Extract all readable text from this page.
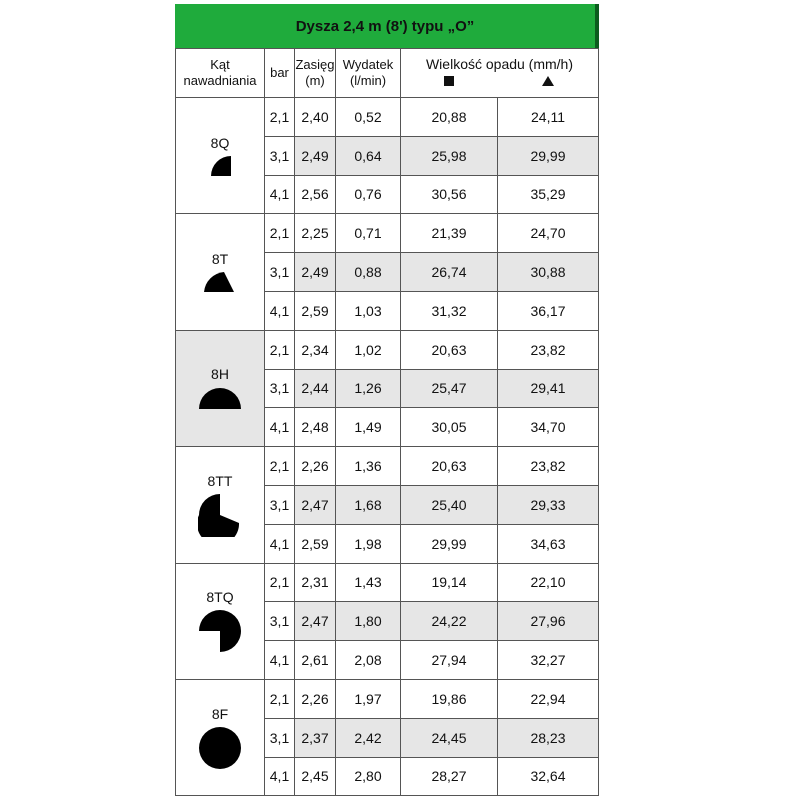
Dysza 2,4 m (8') typu „O”
Kąt nawadniania	bar	Zasięg (m)	Wydatek (l/min)	Wielkość opadu (mm/h)	

8Q	2,1	2,40	0,52	20,88	24,11
	3,1	2,49	0,64	25,98	29,99
	4,1	2,56	0,76	30,56	35,29

8T	2,1	2,25	0,71	21,39	24,70
	3,1	2,49	0,88	26,74	30,88
	4,1	2,59	1,03	31,32	36,17

8H	2,1	2,34	1,02	20,63	23,82
	3,1	2,44	1,26	25,47	29,41
	4,1	2,48	1,49	30,05	34,70

8TT	2,1	2,26	1,36	20,63	23,82
	3,1	2,47	1,68	25,40	29,33
	4,1	2,59	1,98	29,99	34,63

8TQ	2,1	2,31	1,43	19,14	22,10
	3,1	2,47	1,80	24,22	27,96
	4,1	2,61	2,08	27,94	32,27

8F	2,1	2,26	1,97	19,86	22,94
	3,1	2,37	2,42	24,45	28,23
	4,1	2,45	2,80	28,27	32,64
